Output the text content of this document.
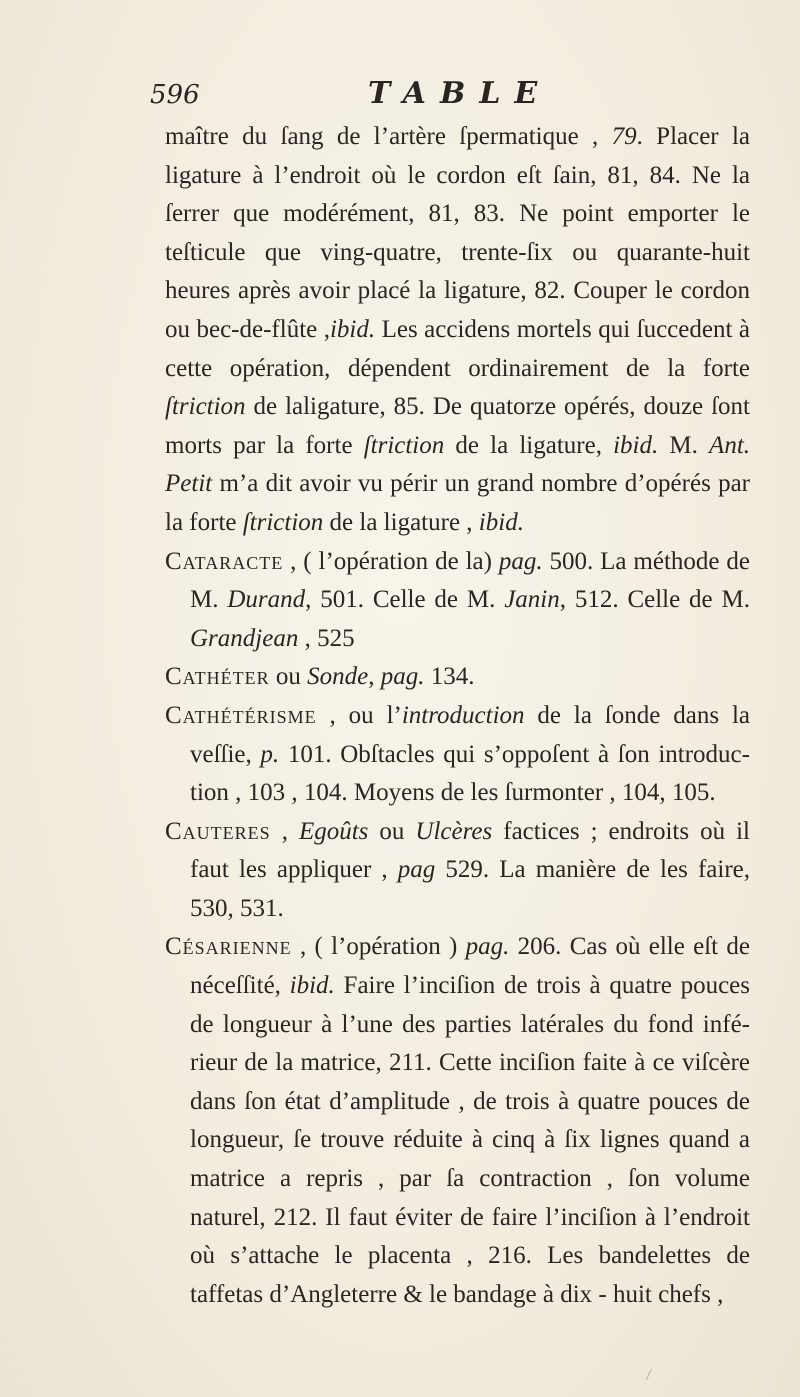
596	TABLE

maître du ſang de l’artère ſpermatique , 79. Placer la ligature à l’endroit où le cordon eſt ſain, 81, 84. Ne la ſerrer que modérément, 81, 83. Ne point emporter le teſticule que ving-quatre, trente-ſix ou quarante-huit heures après avoir placé la ligature, 82. Couper le cordon ou bec-de-flûte ,ibid. Les accidens mortels qui ſuccedent à cette opération, dépendent ordinairement de la forte ſtriction de laligature, 85. De quatorze opérés, douze ſont morts par la forte ſtriction de la ligature, ibid. M. Ant. Petit m’a dit avoir vu périr un grand nombre d’opérés par la forte ſtriction de la ligature , ibid.

Cataracte , ( l’opération de la) pag. 500. La méthode de M. Durand, 501. Celle de M. Janin, 512. Celle de M. Grandjean , 525

Cathéter ou Sonde, pag. 134.

Cathétérisme , ou l’introduction de la ſonde dans la veſſie, p. 101. Obſtacles qui s’oppoſent à ſon introduction , 103 , 104. Moyens de les ſurmonter , 104, 105.

Cauteres , Egoûts ou Ulcères factices ; endroits où il faut les appliquer , pag 529. La manière de les faire, 530, 531.

Césarienne , ( l’opération ) pag. 206. Cas où elle eſt de néceſſité, ibid. Faire l’inciſion de trois à quatre pouces de longueur à l’une des parties latérales du fond inférieur de la matrice, 211. Cette inciſion faite à ce viſcère dans ſon état d’amplitude , de trois à quatre pouces de longueur, ſe trouve réduite à cinq à ſix lignes quand a matrice a repris , par ſa contraction , ſon volume naturel, 212. Il faut éviter de faire l’inciſion à l’endroit où s’attache le placenta , 216. Les bandelettes de taffetas d’Angleterre & le bandage à dix - huit chefs ,
